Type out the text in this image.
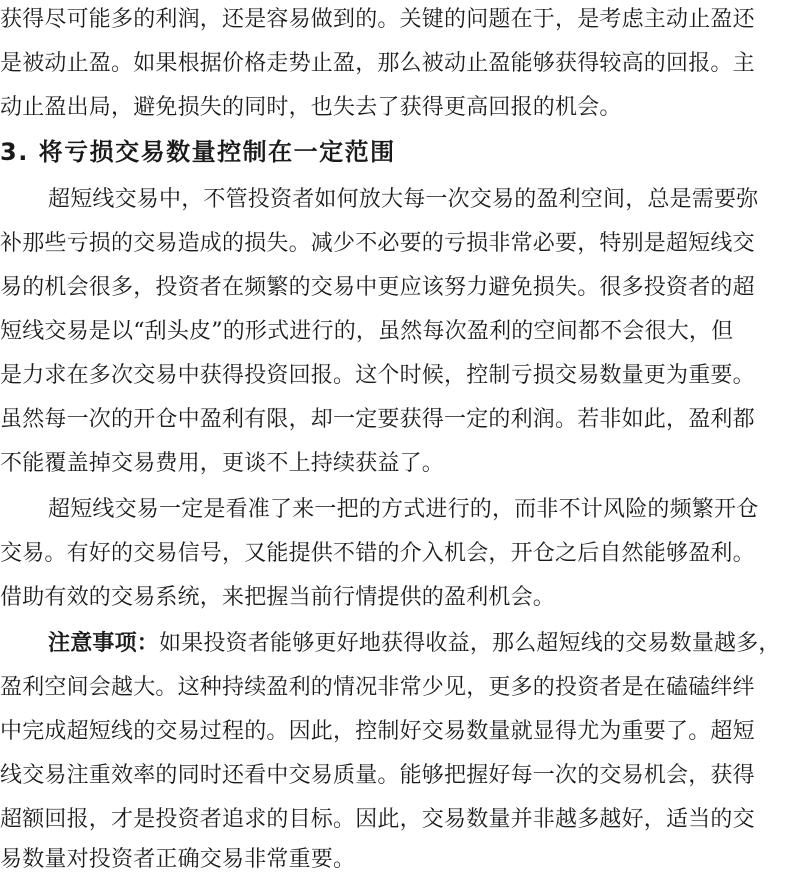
获得尽可能多的利润，还是容易做到的。关键的问题在于，是考虑主动止盈还
是被动止盈。如果根据价格走势止盈，那么被动止盈能够获得较高的回报。主
动止盈出局，避免损失的同时，也失去了获得更高回报的机会。
3. 将亏损交易数量控制在一定范围
超短线交易中，不管投资者如何放大每一次交易的盈利空间，总是需要弥
补那些亏损的交易造成的损失。减少不必要的亏损非常必要，特别是超短线交
易的机会很多，投资者在频繁的交易中更应该努力避免损失。很多投资者的超
短线交易是以“刮头皮”的形式进行的，虽然每次盈利的空间都不会很大，但
是力求在多次交易中获得投资回报。这个时候，控制亏损交易数量更为重要。
虽然每一次的开仓中盈利有限，却一定要获得一定的利润。若非如此，盈利都
不能覆盖掉交易费用，更谈不上持续获益了。
超短线交易一定是看准了来一把的方式进行的，而非不计风险的频繁开仓
交易。有好的交易信号，又能提供不错的介入机会，开仓之后自然能够盈利。
借助有效的交易系统，来把握当前行情提供的盈利机会。
注意事项：如果投资者能够更好地获得收益，那么超短线的交易数量越多，
盈利空间会越大。这种持续盈利的情况非常少见，更多的投资者是在磕磕绊绊
中完成超短线的交易过程的。因此，控制好交易数量就显得尤为重要了。超短
线交易注重效率的同时还看中交易质量。能够把握好每一次的交易机会，获得
超额回报，才是投资者追求的目标。因此，交易数量并非越多越好，适当的交
易数量对投资者正确交易非常重要。
